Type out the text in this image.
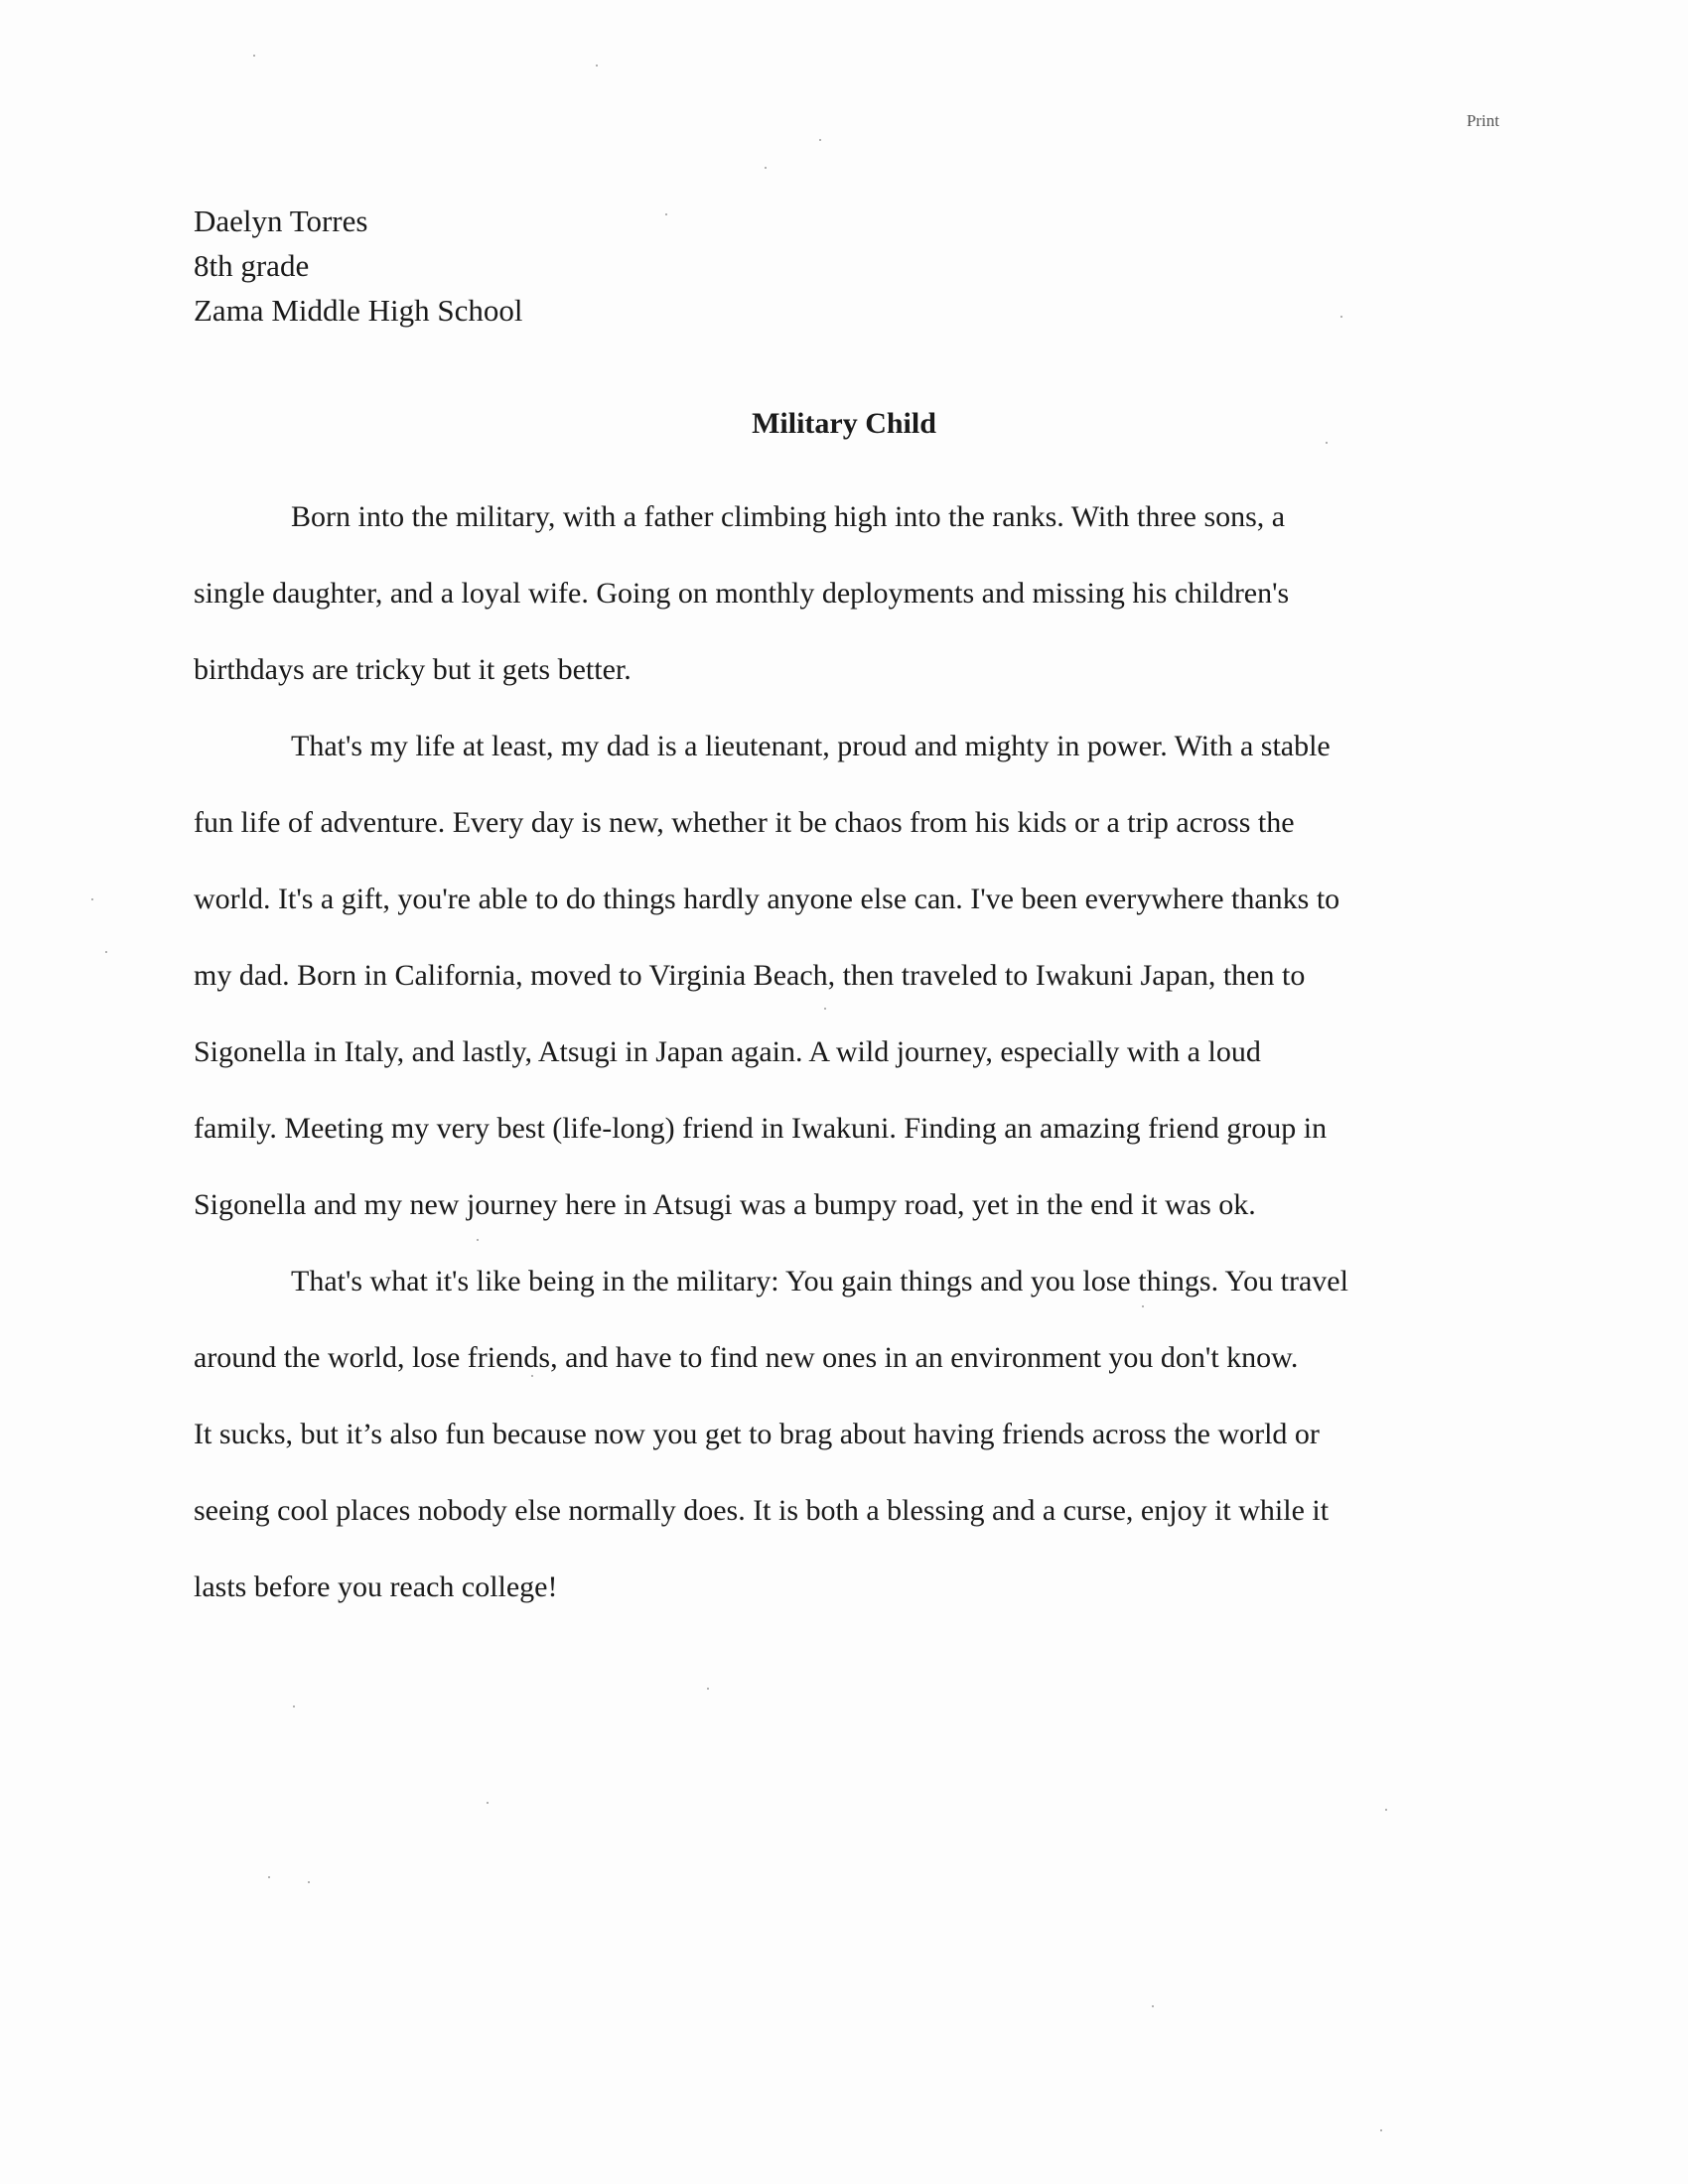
Print
Daelyn Torres
8th grade
Zama Middle High School
Military Child

Born into the military, with a father climbing high into the ranks. With three sons, a
single daughter, and a loyal wife. Going on monthly deployments and missing his children's
birthdays are tricky but it gets better.

That's my life at least, my dad is a lieutenant, proud and mighty in power. With a stable
fun life of adventure. Every day is new, whether it be chaos from his kids or a trip across the
world. It's a gift, you're able to do things hardly anyone else can. I've been everywhere thanks to
my dad. Born in California, moved to Virginia Beach, then traveled to Iwakuni Japan, then to
Sigonella in Italy, and lastly, Atsugi in Japan again. A wild journey, especially with a loud
family. Meeting my very best (life-long) friend in Iwakuni. Finding an amazing friend group in
Sigonella and my new journey here in Atsugi was a bumpy road, yet in the end it was ok.

That's what it's like being in the military: You gain things and you lose things. You travel
around the world, lose friends, and have to find new ones in an environment you don't know.
It sucks, but it’s also fun because now you get to brag about having friends across the world or
seeing cool places nobody else normally does. It is both a blessing and a curse, enjoy it while it
lasts before you reach college!
